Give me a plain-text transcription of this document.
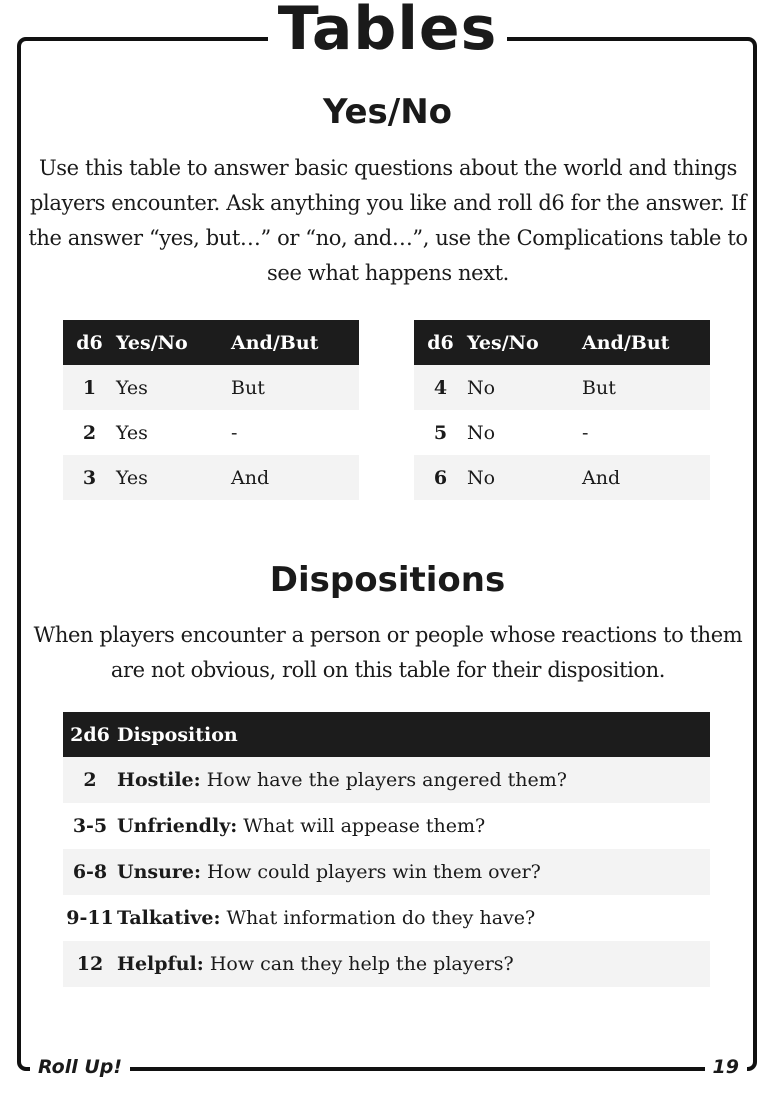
Tables
Yes/No

Use this table to answer basic questions about the world and things players encounter. Ask anything you like and roll d6 for the answer. If the answer “yes, but…” or “no, and…”, use the Complications table to see what happens next.

d6	Yes/No	And/But
1	Yes	But
2	Yes	-
3	Yes	And
d6	Yes/No	And/But
4	No	But
5	No	-
6	No	And
Dispositions

When players encounter a person or people whose reactions to them are not obvious, roll on this table for their disposition.

2d6	Disposition
2	Hostile: How have the players angered them?
3-5	Unfriendly: What will appease them?
6-8	Unsure: How could players win them over?
9-11	Talkative: What information do they have?
12	Helpful: How can they help the players?
Roll Up!	19
